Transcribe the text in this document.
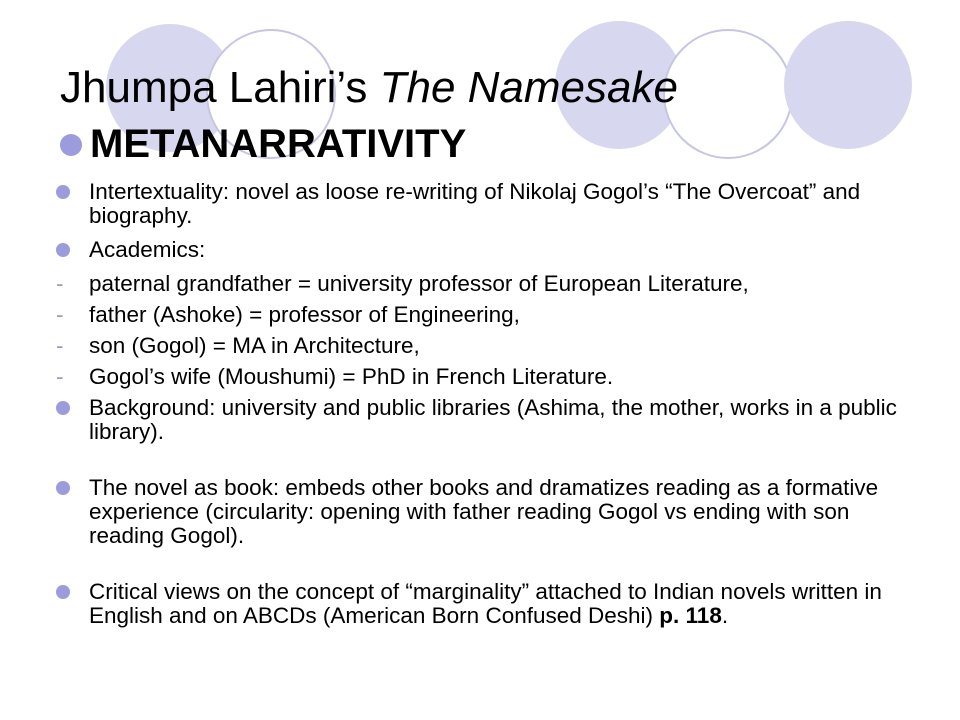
Jhumpa Lahiri’s The Namesake
METANARRATIVITY
Intertextuality: novel as loose re-writing of Nikolaj Gogol’s “The Overcoat” and biography.
Academics:
- paternal grandfather = university professor of European Literature,
- father (Ashoke) = professor of Engineering,
- son (Gogol) = MA in Architecture,
- Gogol’s wife (Moushumi) = PhD in French Literature.
Background: university and public libraries (Ashima, the mother, works in a public library).
The novel as book: embeds other books and dramatizes reading as a formative experience (circularity: opening with father reading Gogol vs ending with son reading Gogol).
Critical views on the concept of “marginality” attached to Indian novels written in English and on ABCDs (American Born Confused Deshi) p. 118.
